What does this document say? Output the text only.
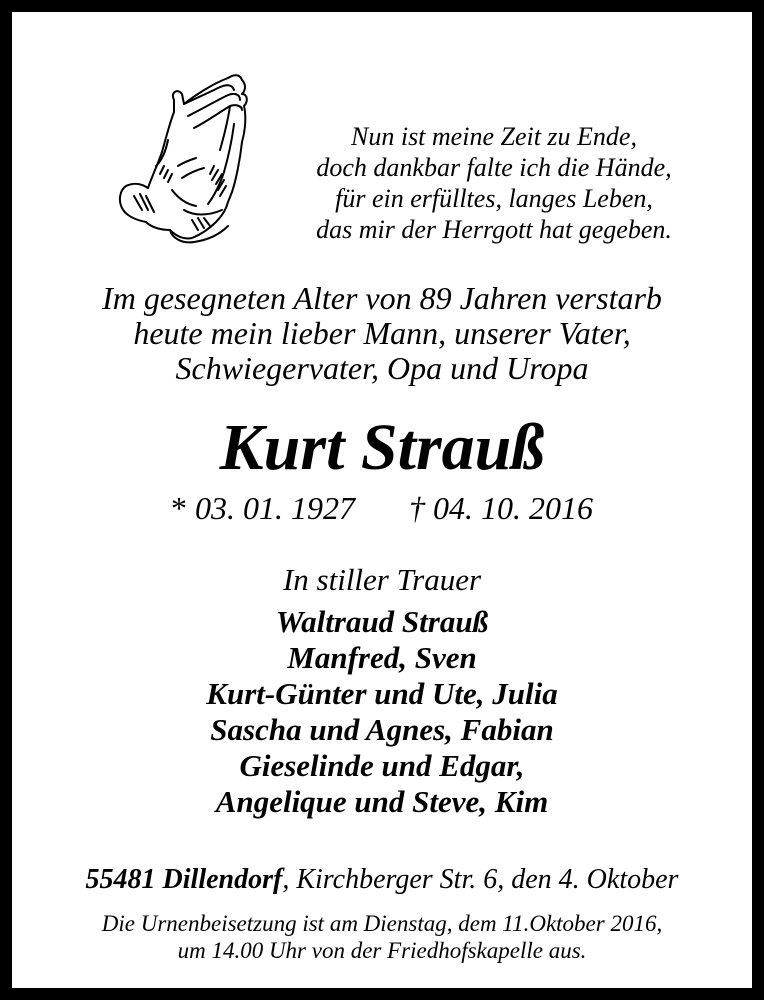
Nun ist meine Zeit zu Ende,
doch dankbar falte ich die Hände,
für ein erfülltes, langes Leben,
das mir der Herrgott hat gegeben.
Im gesegneten Alter von 89 Jahren verstarb
heute mein lieber Mann, unserer Vater,
Schwiegervater, Opa und Uropa
Kurt Strauß
* 03. 01. 1927 † 04. 10. 2016
In stiller Trauer
Waltraud Strauß
Manfred, Sven
Kurt-Günter und Ute, Julia
Sascha und Agnes, Fabian
Gieselinde und Edgar,
Angelique und Steve, Kim
55481 Dillendorf, Kirchberger Str. 6, den 4. Oktober
Die Urnenbeisetzung ist am Dienstag, dem 11.Oktober 2016,
um 14.00 Uhr von der Friedhofskapelle aus.
